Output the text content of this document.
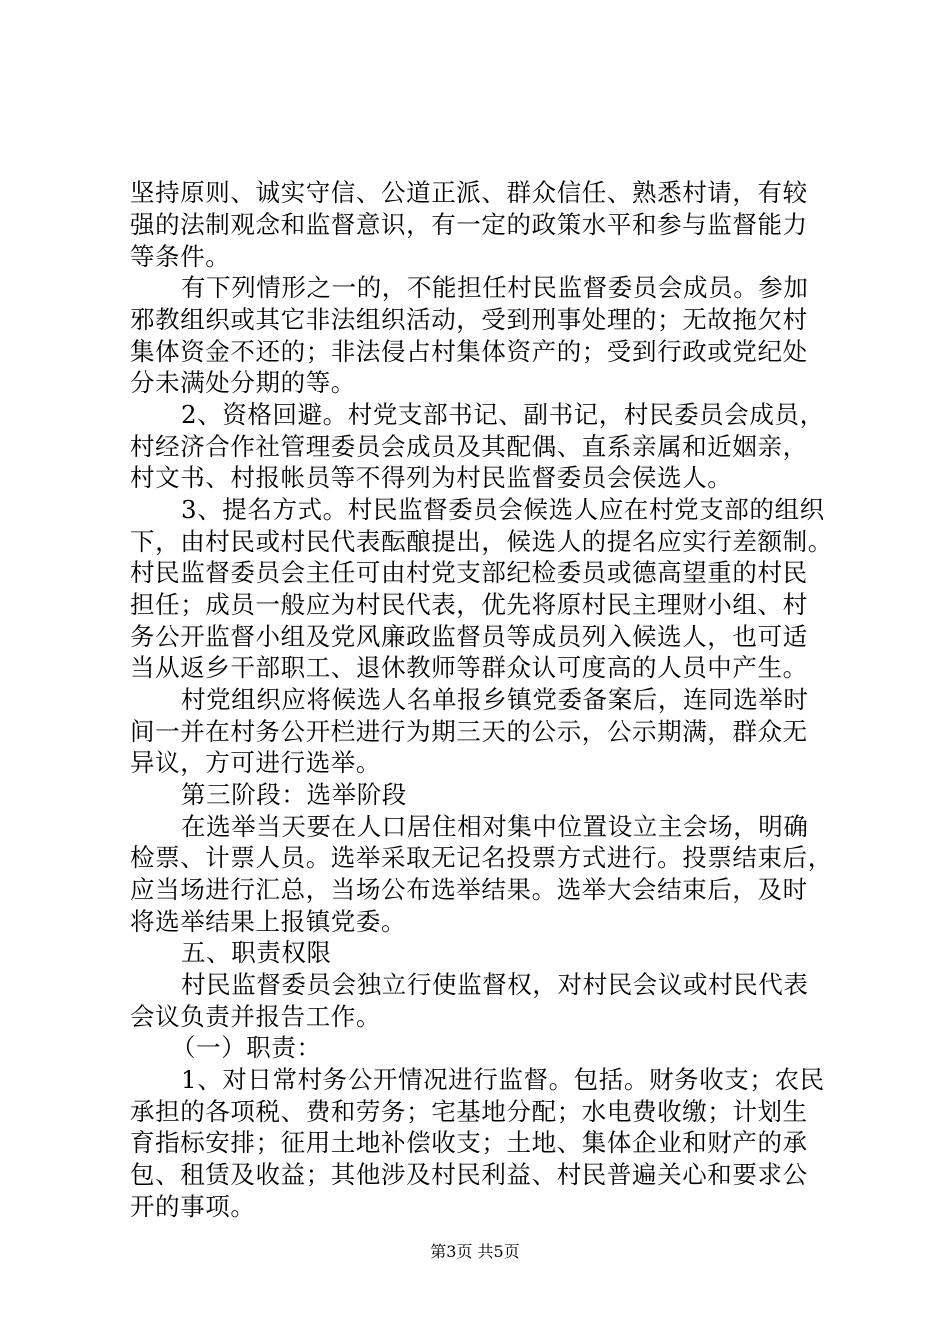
坚持原则、诚实守信、公道正派、群众信任、熟悉村请，有较
强的法制观念和监督意识，有一定的政策水平和参与监督能力
等条件。
有下列情形之一的，不能担任村民监督委员会成员。参加
邪教组织或其它非法组织活动，受到刑事处理的；无故拖欠村
集体资金不还的；非法侵占村集体资产的；受到行政或党纪处
分未满处分期的等。
2、资格回避。村党支部书记、副书记，村民委员会成员，
村经济合作社管理委员会成员及其配偶、直系亲属和近姻亲，
村文书、村报帐员等不得列为村民监督委员会侯选人。
3、提名方式。村民监督委员会候选人应在村党支部的组织
下，由村民或村民代表酝酿提出，候选人的提名应实行差额制。
村民监督委员会主任可由村党支部纪检委员或德高望重的村民
担任；成员一般应为村民代表，优先将原村民主理财小组、村
务公开监督小组及党风廉政监督员等成员列入候选人，也可适
当从返乡干部职工、退休教师等群众认可度高的人员中产生。
村党组织应将候选人名单报乡镇党委备案后，连同选举时
间一并在村务公开栏进行为期三天的公示，公示期满，群众无
异议，方可进行选举。
第三阶段：选举阶段
在选举当天要在人口居住相对集中位置设立主会场，明确
检票、计票人员。选举采取无记名投票方式进行。投票结束后，
应当场进行汇总，当场公布选举结果。选举大会结束后，及时
将选举结果上报镇党委。
五、职责权限
村民监督委员会独立行使监督权，对村民会议或村民代表
会议负责并报告工作。
（一）职责：
1、对日常村务公开情况进行监督。包括。财务收支；农民
承担的各项税、费和劳务；宅基地分配；水电费收缴；计划生
育指标安排；征用土地补偿收支；土地、集体企业和财产的承
包、租赁及收益；其他涉及村民利益、村民普遍关心和要求公
开的事项。
第3页 共5页
